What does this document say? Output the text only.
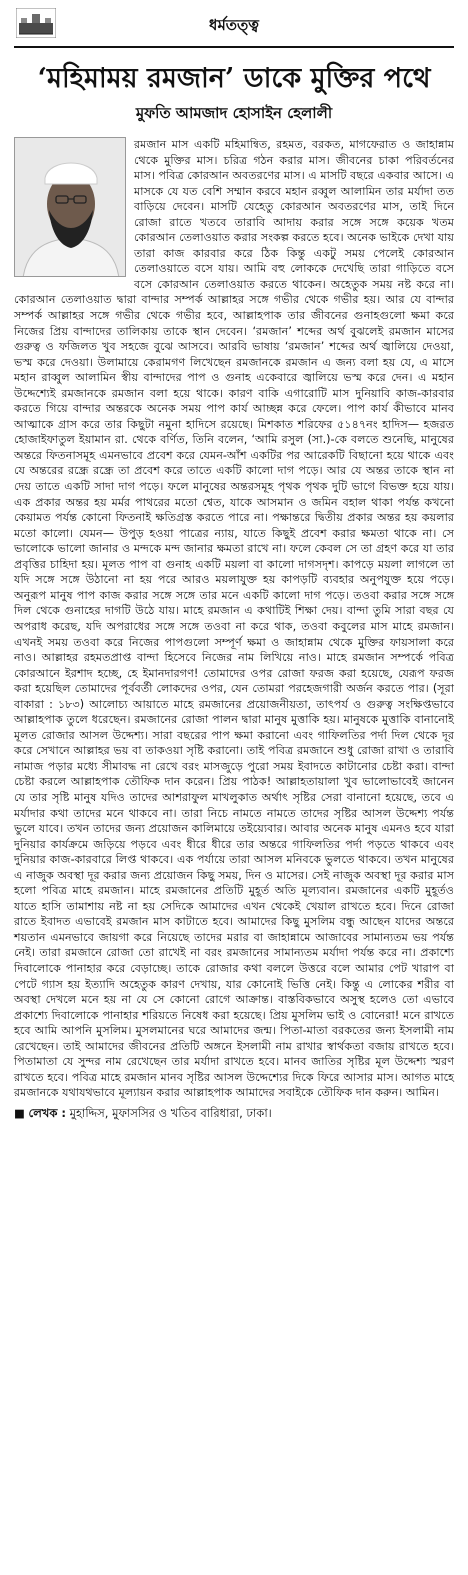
ধর্মতত্ত্ব
‘মহিমাময় রমজান’ ডাকে মুক্তির পথে
মুফতি আমজাদ হোসাইন হেলালী

রমজান মাস একটি মহিমান্বিত, রহমত, বরকত, মাগফেরাত ও জাহান্নাম থেকে মুক্তির মাস। চরিত্র গঠন করার মাস। জীবনের চাকা পরিবর্তনের মাস। পবিত্র কোরআন অবতরণের মাস। এ মাসটি বছরে একবার আসে। এ মাসকে যে যত বেশি সম্মান করবে মহান রব্বুল আলামিন তার মর্যাদা তত বাড়িয়ে দেবেন। মাসটি যেহেতু কোরআন অবতরণের মাস, তাই দিনে রোজা রাতে খতবে তারাবি আদায় করার সঙ্গে সঙ্গে কয়েক খতম কোরআন তেলাওয়াত করার সংকল্প করতে হবে। অনেক ভাইকে দেখা যায় তারা কাজ কারবার করে ঠিক কিন্তু একটু সময় পেলেই কোরআন তেলাওয়াতে বসে যায়। আমি বহু লোককে দেখেছি তারা গাড়িতে বসে বসে কোরআন তেলাওয়াত করতে থাকেন। অহেতুক সময় নষ্ট করে না। কোরআন তেলাওয়াত দ্বারা বান্দার সম্পর্ক আল্লাহর সঙ্গে গভীর থেকে গভীর হয়। আর যে বান্দার সম্পর্ক আল্লাহর সঙ্গে গভীর থেকে গভীর হবে, আল্লাহপাক তার জীবনের গুনাহগুলো ক্ষমা করে নিজের প্রিয় বান্দাদের তালিকায় তাকে স্থান দেবেন। ‘রমজান’ শব্দের অর্থ বুঝলেই রমজান মাসের গুরুত্ব ও ফজিলত খুব সহজে বুঝে আসবে। আরবি ভাষায় ‘রমজান’ শব্দের অর্থ জ্বালিয়ে দেওয়া, ভস্ম করে দেওয়া। উলামায়ে কেরামগণ লিখেছেন রমজানকে রমজান এ জন্য বলা হয় যে, এ মাসে মহান রাব্বুল আলামিন স্বীয় বান্দাদের পাপ ও গুনাহ একেবারে জ্বালিয়ে ভস্ম করে দেন। এ মহান উদ্দেশ্যেই রমজানকে রমজান বলা হয়ে থাকে। কারণ বাকি এগারোটি মাস দুনিয়াবি কাজ-কারবার করতে গিয়ে বান্দার অন্তরকে অনেক সময় পাপ কার্য আচ্ছন্ন করে ফেলে। পাপ কার্য কীভাবে মানব আত্মাকে গ্রাস করে তার কিছুটা নমুনা হাদিসে রয়েছে। মিশকাত শরিফের ৫১৪৭নং হাদিস— হজরত হোজাইফাতুল ইয়ামান রা. থেকে বর্ণিত, তিনি বলেন, ‘আমি রসুল (সা.)-কে বলতে শুনেছি, মানুষের অন্তরে ফিতনাসমূহ এমনভাবে প্রবেশ করে যেমন-আঁশ একটির পর আরেকটি বিছানো হয়ে থাকে এবং যে অন্তরের রন্ধ্রে রন্ধ্রে তা প্রবেশ করে তাতে একটি কালো দাগ পড়ে। আর যে অন্তর তাকে স্থান না দেয় তাতে একটি সাদা দাগ পড়ে। ফলে মানুষের অন্তরসমূহ পৃথক পৃথক দুটি ভাগে বিভক্ত হয়ে যায়। এক প্রকার অন্তর হয় মর্মর পাথরের মতো শ্বেত, যাকে আসমান ও জমিন বহাল থাকা পর্যন্ত কখনো কেয়ামত পর্যন্ত কোনো ফিতনাই ক্ষতিগ্রস্ত করতে পারে না। পক্ষান্তরে দ্বিতীয় প্রকার অন্তর হয় কয়লার মতো কালো। যেমন— উপুড় হওয়া পাত্রের ন্যায়, যাতে কিছুই প্রবেশ করার ক্ষমতা থাকে না। সে ভালোকে ভালো জানার ও মন্দকে মন্দ জানার ক্ষমতা রাখে না। ফলে কেবল সে তা গ্রহণ করে যা তার প্রবৃত্তির চাহিদা হয়। মূলত পাপ বা গুনাহ একটি ময়লা বা কালো দাগসদৃশ। কাপড়ে ময়লা লাগলে তা যদি সঙ্গে সঙ্গে উঠানো না হয় পরে আরও ময়লাযুক্ত হয় কাপড়টি ব্যবহার অনুপযুক্ত হয়ে পড়ে। অনুরূপ মানুষ পাপ কাজ করার সঙ্গে সঙ্গে তার মনে একটি কালো দাগ পড়ে। তওবা করার সঙ্গে সঙ্গে দিল থেকে গুনাহের দাগটি উঠে যায়। মাহে রমজান এ কথাটিই শিক্ষা দেয়। বান্দা তুমি সারা বছর যে অপরাধ করেছ, যদি অপরাধের সঙ্গে সঙ্গে তওবা না করে থাক, তওবা কবুলের মাস মাহে রমজান। এখনই সময় তওবা করে নিজের পাপগুলো সম্পূর্ণ ক্ষমা ও জাহান্নাম থেকে মুক্তির ফায়সালা করে নাও। আল্লাহর রহমতপ্রাপ্ত বান্দা হিসেবে নিজের নাম লিখিয়ে নাও। মাহে রমজান সম্পর্কে পবিত্র কোরআনে ইরশাদ হচ্ছে, হে ইমানদারগণ! তোমাদের ওপর রোজা ফরজ করা হয়েছে, যেরূপ ফরজ করা হয়েছিল তোমাদের পূর্ববর্তী লোকদের ওপর, যেন তোমরা পরহেজগারী অর্জন করতে পার। (সূরা বাকারা : ১৮৩) আলোচ্য আয়াতে মাহে রমজানের প্রয়োজনীয়তা, তাৎপর্য ও গুরুত্ব সংক্ষিপ্তভাবে আল্লাহপাক তুলে ধরেছেন। রমজানের রোজা পালন দ্বারা মানুষ মুত্তাকি হয়। মানুষকে মুত্তাকি বানানোই মূলত রোজার আসল উদ্দেশ্য। সারা বছরের পাপ ক্ষমা করানো এবং গাফিলতির পর্দা দিল থেকে দূর করে সেখানে আল্লাহর ভয় বা তাকওয়া সৃষ্টি করানো। তাই পবিত্র রমজানে শুধু রোজা রাখা ও তারাবি নামাজ পড়ার মধ্যে সীমাবদ্ধ না রেখে বরং মাসজুড়ে পুরো সময় ইবাদতে কাটানোর চেষ্টা করা। বান্দা চেষ্টা করলে আল্লাহপাক তৌফিক দান করেন। প্রিয় পাঠক! আল্লাহতায়ালা খুব ভালোভাবেই জানেন যে তার সৃষ্টি মানুষ যদিও তাদের আশরাফুল মাখলুকাত অর্থাৎ সৃষ্টির সেরা বানানো হয়েছে, তবে এ মর্যাদার কথা তাদের মনে থাকবে না। তারা নিচে নামতে নামতে তাদের সৃষ্টির আসল উদ্দেশ্য পর্যন্ত ভুলে যাবে। তখন তাদের জন্য প্রয়োজন কালিমায়ে তইয়্যেবার। আবার অনেক মানুষ এমনও হবে যারা দুনিয়ার কার্যক্রমে জড়িয়ে পড়বে এবং ধীরে ধীরে তার অন্তরে গাফিলতির পর্দা পড়তে থাকবে এবং দুনিয়ার কাজ-কারবারে লিপ্ত থাকবে। এক পর্যায়ে তারা আসল মনিবকে ভুলতে থাকবে। তখন মানুষের এ নাজুক অবস্থা দূর করার জন্য প্রয়োজন কিছু সময়, দিন ও মাসের। সেই নাজুক অবস্থা দূর করার মাস হলো পবিত্র মাহে রমজান। মাহে রমজানের প্রতিটি মুহূর্ত অতি মূল্যবান। রমজানের একটি মুহূর্তও যাতে হাসি তামাশায় নষ্ট না হয় সেদিকে আমাদের এখন থেকেই খেয়াল রাখতে হবে। দিনে রোজা রাতে ইবাদত এভাবেই রমজান মাস কাটাতে হবে। আমাদের কিছু মুসলিম বন্ধু আছেন যাদের অন্তরে শয়তান এমনভাবে জায়গা করে নিয়েছে তাদের মরার বা জাহান্নামে আজাবের সামান্যতম ভয় পর্যন্ত নেই। তারা রমজানে রোজা তো রাখেই না বরং রমজানের সামান্যতম মর্যাদা পর্যন্ত করে না। প্রকাশ্যে দিবালোকে পানাহার করে বেড়াচ্ছে। তাকে রোজার কথা বললে উত্তরে বলে আমার পেট খারাপ বা পেটে গ্যাস হয় ইত্যাদি অহেতুক কারণ দেখায়, যার কোনোই ভিত্তি নেই। কিন্তু এ লোকের শরীর বা অবস্থা দেখলে মনে হয় না যে সে কোনো রোগে আক্রান্ত। বাস্তবিকভাবে অসুস্থ হলেও তো এভাবে প্রকাশ্যে দিবালোকে পানাহার শরিয়তে নিষেধ করা হয়েছে। প্রিয় মুসলিম ভাই ও বোনেরা! মনে রাখতে হবে আমি আপনি মুসলিম। মুসলমানের ঘরে আমাদের জন্ম। পিতা-মাতা বরকতের জন্য ইসলামী নাম রেখেছেন। তাই আমাদের জীবনের প্রতিটি অঙ্গনে ইসলামী নাম রাখার স্বার্থকতা বজায় রাখতে হবে। পিতামাতা যে সুন্দর নাম রেখেছেন তার মর্যাদা রাখতে হবে। মানব জাতির সৃষ্টির মূল উদ্দেশ্য স্মরণ রাখতে হবে। পবিত্র মাহে রমজান মানব সৃষ্টির আসল উদ্দেশ্যের দিকে ফিরে আসার মাস। আগত মাহে রমজানকে যথাযথভাবে মূল্যায়ন করার আল্লাহপাক আমাদের সবাইকে তৌফিক দান করুন। আমিন।

■ লেখক : মুহাদ্দিস, মুফাসসির ও খতিব বারিধারা, ঢাকা।
